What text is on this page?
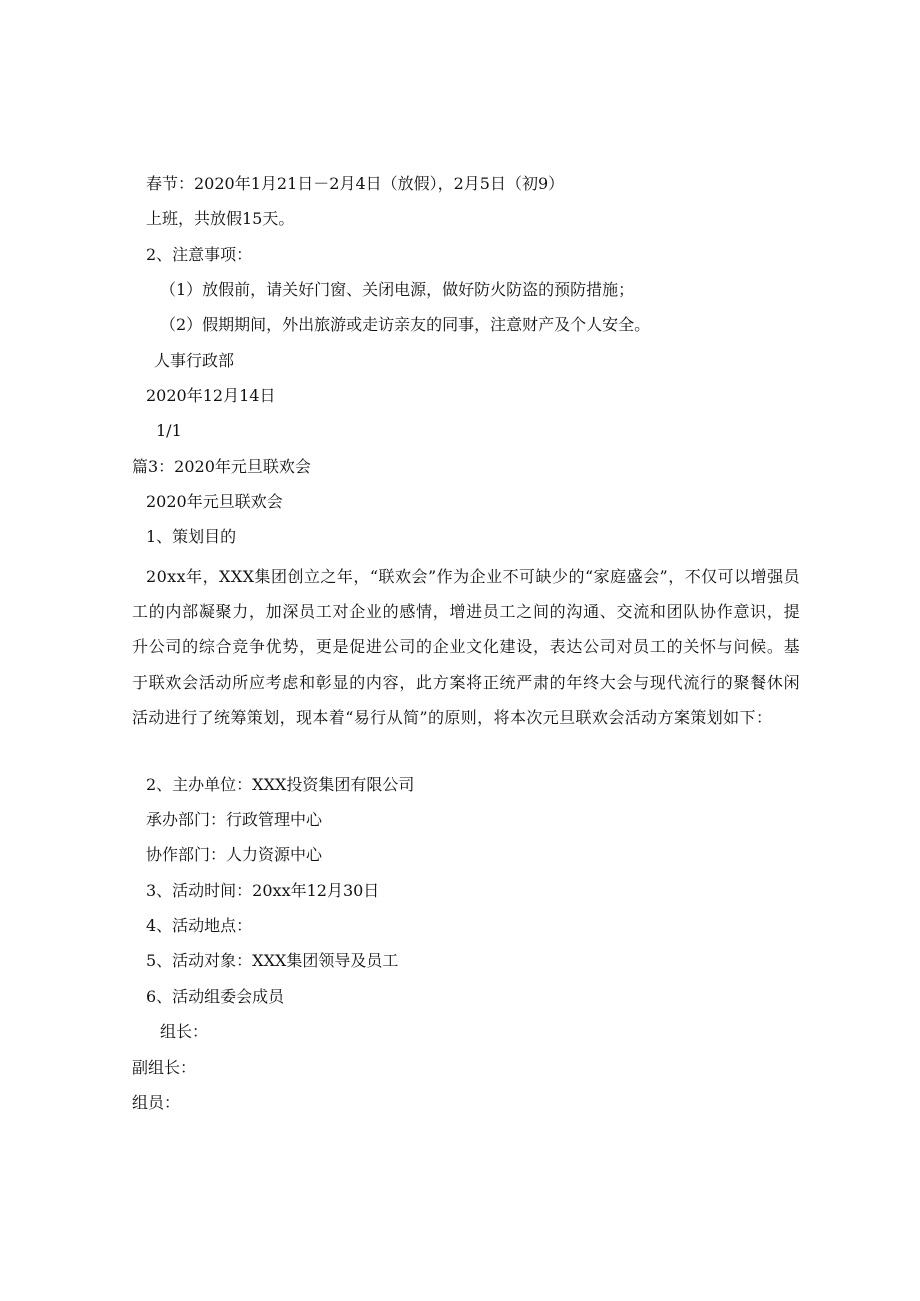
春节：2020年1月21日－2月4日（放假），2月5日（初9）
上班，共放假15天。
2、注意事项：
（1）放假前，请关好门窗、关闭电源，做好防火防盗的预防措施；
（2）假期期间，外出旅游或走访亲友的同事，注意财产及个人安全。
人事行政部
2020年12月14日
1/1
篇3：2020年元旦联欢会
2020年元旦联欢会
1、策划目的
20xx年，XXX集团创立之年，“联欢会”作为企业不可缺少的“家庭盛会”，不仅可以增强员工的内部凝聚力，加深员工对企业的感情，增进员工之间的沟通、交流和团队协作意识，提升公司的综合竞争优势，更是促进公司的企业文化建设，表达公司对员工的关怀与问候。基于联欢会活动所应考虑和彰显的内容，此方案将正统严肃的年终大会与现代流行的聚餐休闲活动进行了统筹策划，现本着“易行从简”的原则，将本次元旦联欢会活动方案策划如下：
2、主办单位：XXX投资集团有限公司
承办部门：行政管理中心
协作部门：人力资源中心
3、活动时间：20xx年12月30日
4、活动地点：
5、活动对象：XXX集团领导及员工
6、活动组委会成员
组长：
副组长：
组员：
